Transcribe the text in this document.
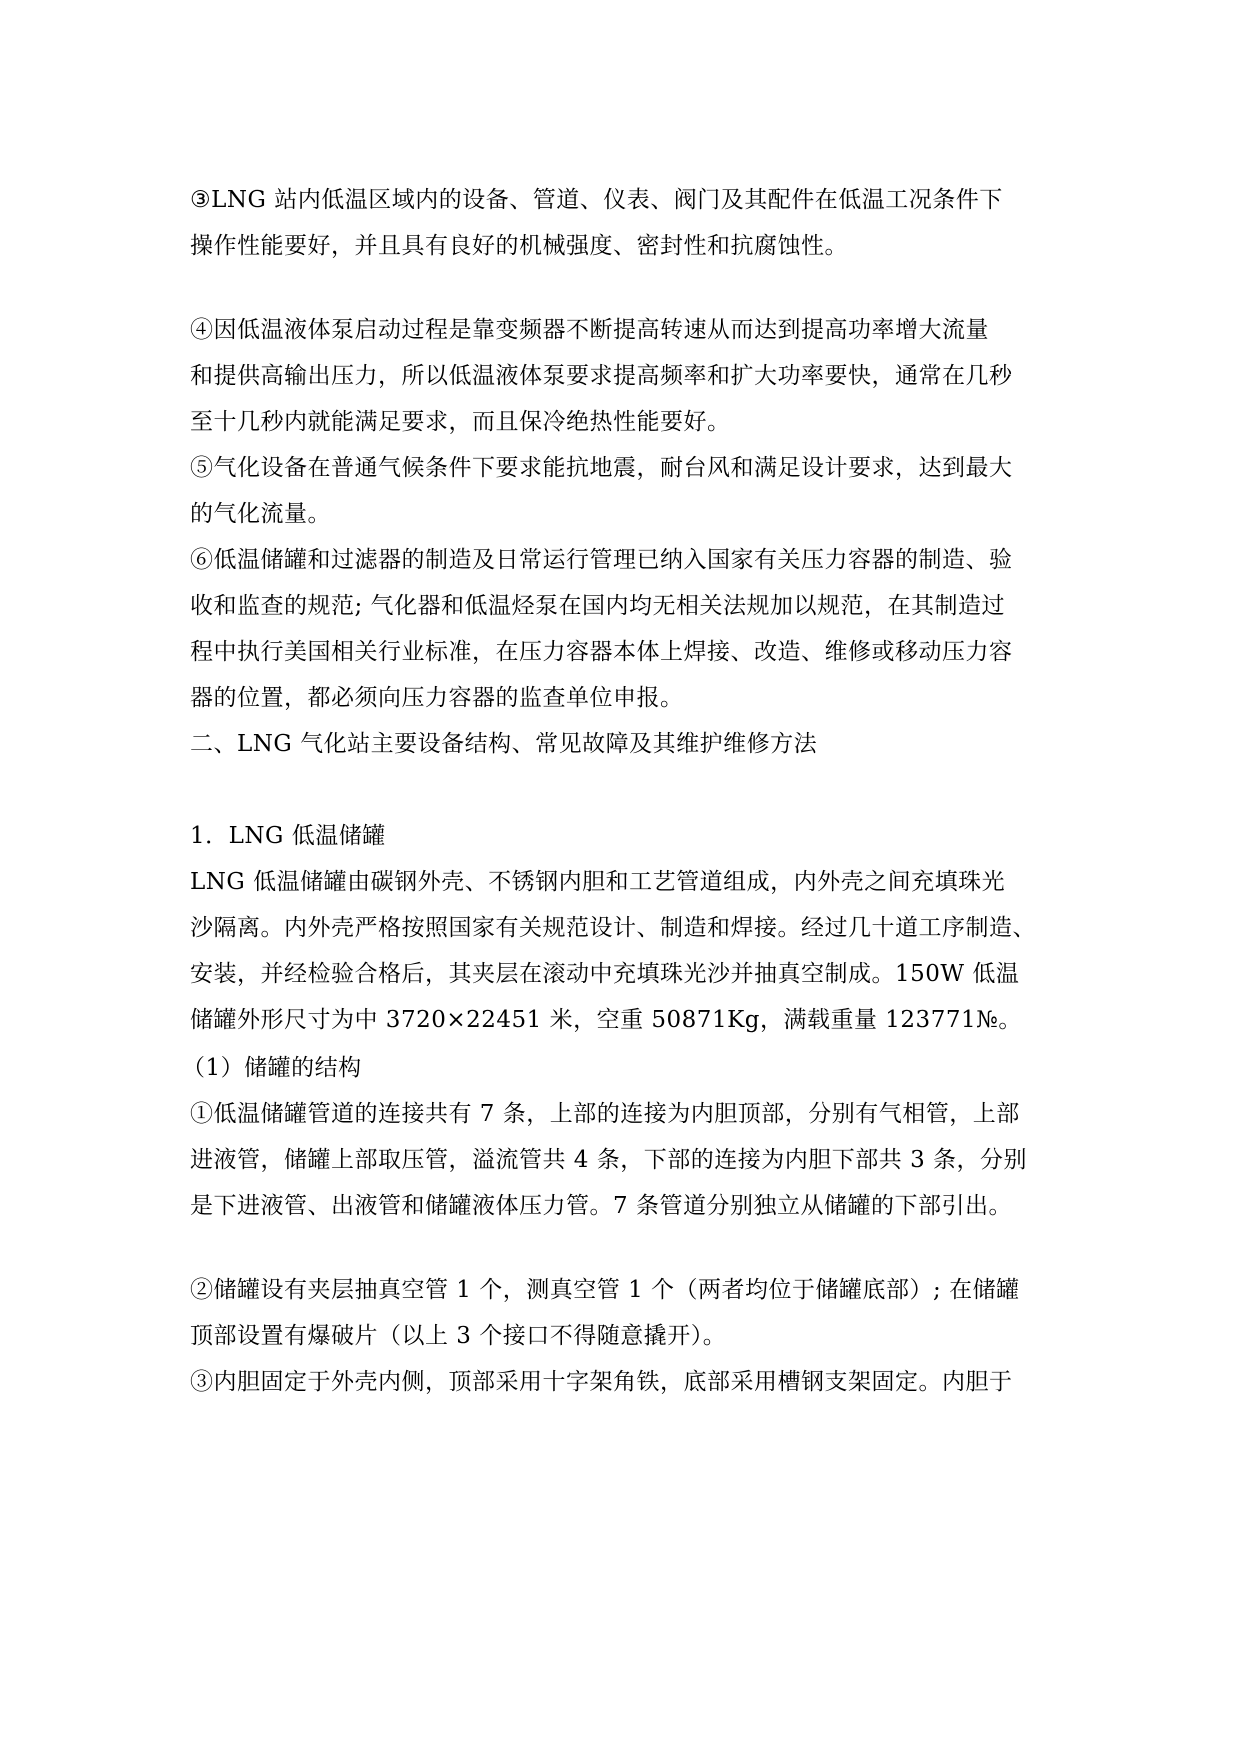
③LNG 站内低温区域内的设备、管道、仪表、阀门及其配件在低温工况条件下
操作性能要好，并且具有良好的机械强度、密封性和抗腐蚀性。
④因低温液体泵启动过程是靠变频器不断提高转速从而达到提高功率增大流量
和提供高输出压力，所以低温液体泵要求提高频率和扩大功率要快，通常在几秒
至十几秒内就能满足要求，而且保冷绝热性能要好。
⑤气化设备在普通气候条件下要求能抗地震，耐台风和满足设计要求，达到最大
的气化流量。
⑥低温储罐和过滤器的制造及日常运行管理已纳入国家有关压力容器的制造、验
收和监查的规范; 气化器和低温烃泵在国内均无相关法规加以规范，在其制造过
程中执行美国相关行业标准，在压力容器本体上焊接、改造、维修或移动压力容
器的位置，都必须向压力容器的监查单位申报。
二、LNG 气化站主要设备结构、常见故障及其维护维修方法
1．LNG 低温储罐
LNG 低温储罐由碳钢外壳、不锈钢内胆和工艺管道组成，内外壳之间充填珠光
沙隔离。内外壳严格按照国家有关规范设计、制造和焊接。经过几十道工序制造、
安装，并经检验合格后，其夹层在滚动中充填珠光沙并抽真空制成。150W 低温
储罐外形尺寸为中 3720×22451 米，空重 50871Kg，满载重量 123771№。
（1）储罐的结构
①低温储罐管道的连接共有 7 条，上部的连接为内胆顶部，分别有气相管，上部
进液管，储罐上部取压管，溢流管共 4 条，下部的连接为内胆下部共 3 条，分别
是下进液管、出液管和储罐液体压力管。7 条管道分别独立从储罐的下部引出。
②储罐设有夹层抽真空管 1 个，测真空管 1 个（两者均位于储罐底部）; 在储罐
顶部设置有爆破片（以上 3 个接口不得随意撬开）。
③内胆固定于外壳内侧，顶部采用十字架角铁，底部采用槽钢支架固定。内胆于
